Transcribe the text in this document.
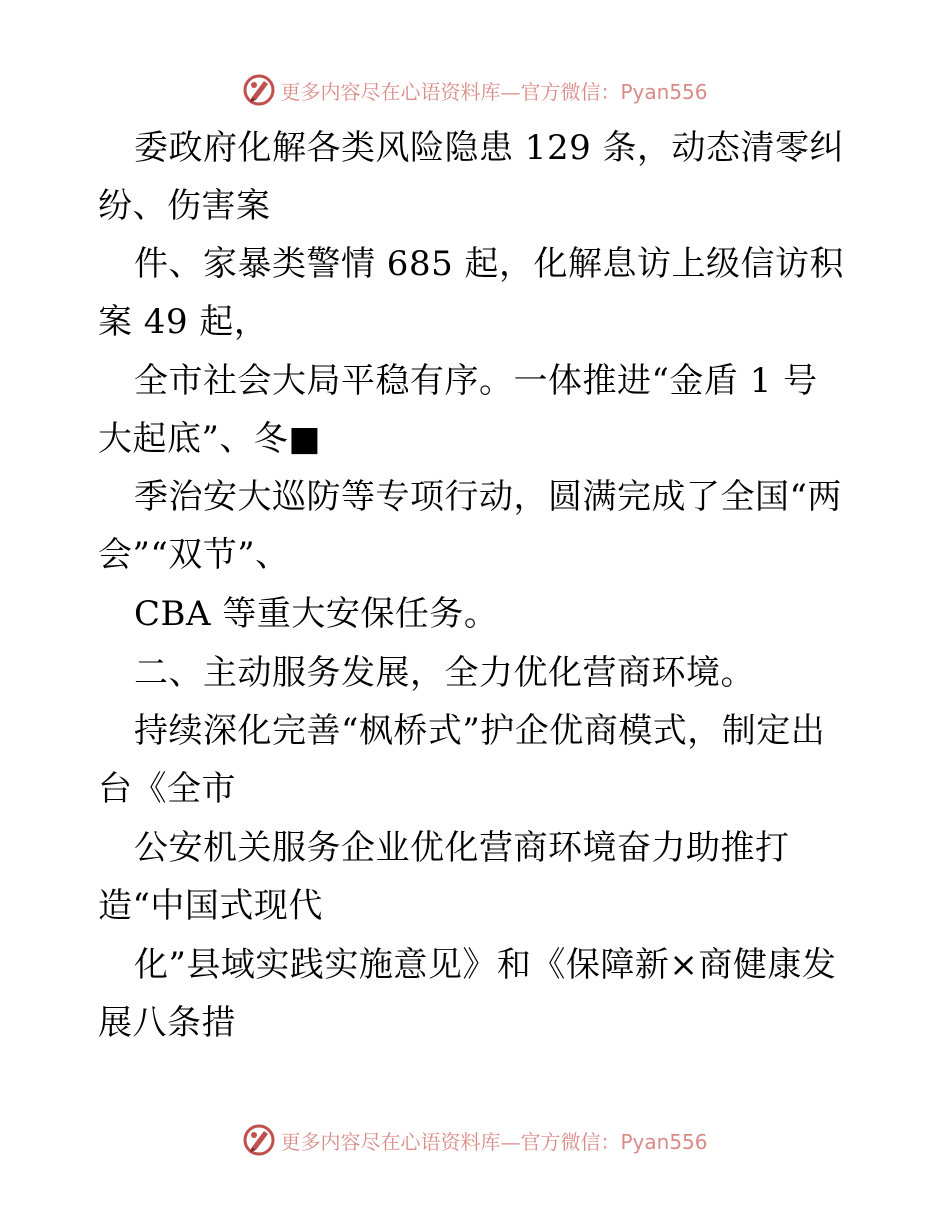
更多内容尽在心语资料库—官方微信：Pyan556
委政府化解各类风险隐患 129 条，动态清零纠
纷、伤害案
件、家暴类警情 685 起，化解息访上级信访积
案 49 起，
全市社会大局平稳有序。一体推进“金盾 1 号
大起底”、冬■
季治安大巡防等专项行动，圆满完成了全国“两
会”“双节”、
CBA 等重大安保任务。
二、主动服务发展，全力优化营商环境。
持续深化完善“枫桥式”护企优商模式，制定出
台《全市
公安机关服务企业优化营商环境奋力助推打
造“中国式现代
化”县域实践实施意见》和《保障新×商健康发
展八条措
更多内容尽在心语资料库—官方微信：Pyan556
